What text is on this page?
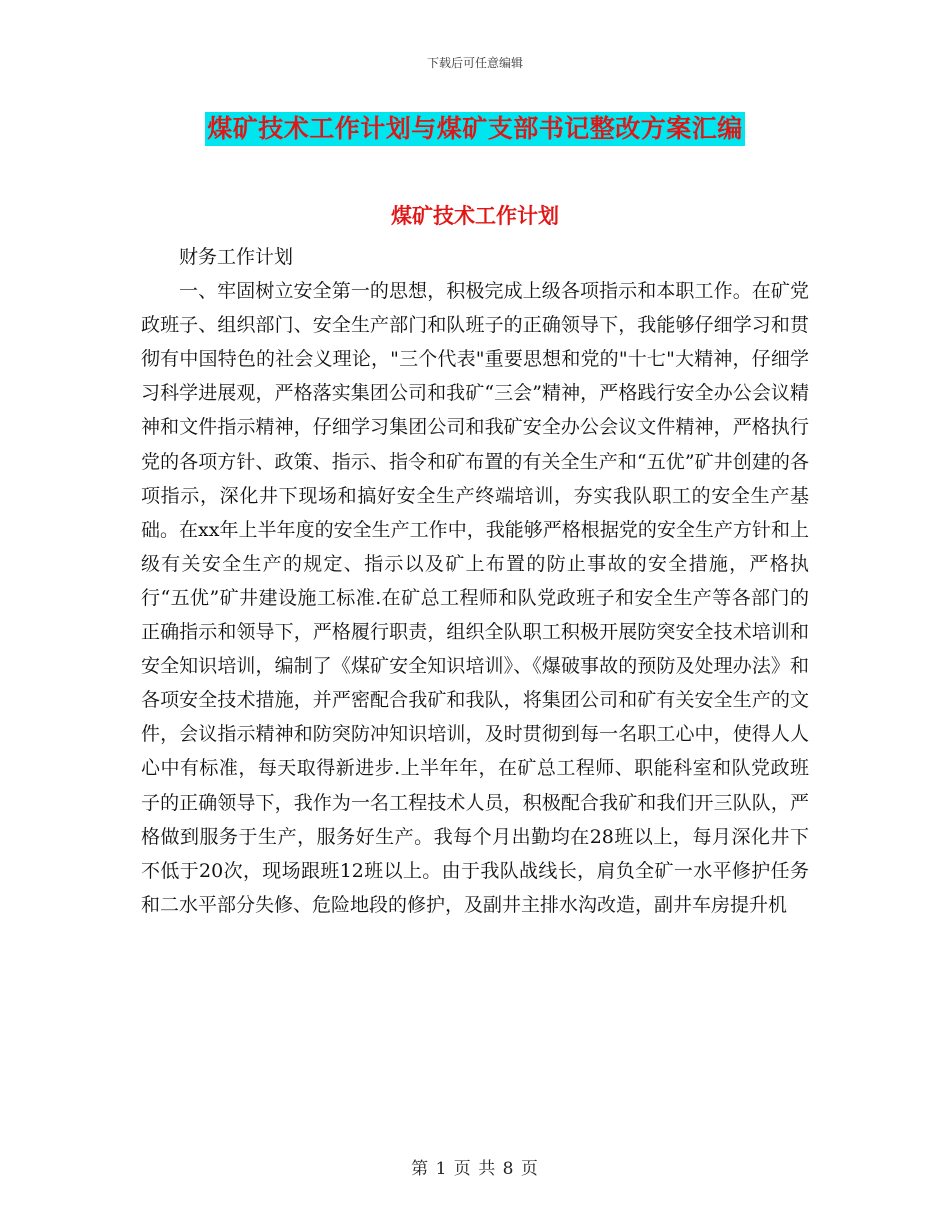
下载后可任意编辑
煤矿技术工作计划与煤矿支部书记整改方案汇编
煤矿技术工作计划

财务工作计划

一、牢固树立安全第一的思想，积极完成上级各项指示和本职工作。在矿党政班子、组织部门、安全生产部门和队班子的正确领导下，我能够仔细学习和贯彻有中国特色的社会义理论，"三个代表"重要思想和党的"十七"大精神，仔细学习科学进展观，严格落实集团公司和我矿“三会”精神，严格践行安全办公会议精神和文件指示精神，仔细学习集团公司和我矿安全办公会议文件精神，严格执行党的各项方针、政策、指示、指令和矿布置的有关全生产和“五优”矿井创建的各项指示，深化井下现场和搞好安全生产终端培训，夯实我队职工的安全生产基础。在xx年上半年度的安全生产工作中，我能够严格根据党的安全生产方针和上级有关安全生产的规定、指示以及矿上布置的防止事故的安全措施，严格执行“五优”矿井建设施工标准.在矿总工程师和队党政班子和安全生产等各部门的正确指示和领导下，严格履行职责，组织全队职工积极开展防突安全技术培训和安全知识培训，编制了《煤矿安全知识培训》、《爆破事故的预防及处理办法》和各项安全技术措施，并严密配合我矿和我队，将集团公司和矿有关安全生产的文件，会议指示精神和防突防冲知识培训，及时贯彻到每一名职工心中，使得人人心中有标准，每天取得新进步.上半年年，在矿总工程师、职能科室和队党政班子的正确领导下，我作为一名工程技术人员，积极配合我矿和我们开三队队，严格做到服务于生产，服务好生产。我每个月出勤均在28班以上，每月深化井下不低于20次，现场跟班12班以上。由于我队战线长，肩负全矿一水平修护任务和二水平部分失修、危险地段的修护，及副井主排水沟改造，副井车房提升机

第 1 页 共 8 页
